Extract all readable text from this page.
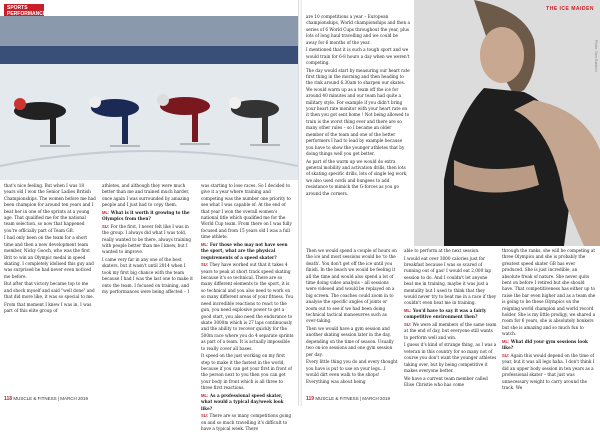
SPORTS
PERFORMANCE

that's nice feeling. But when I was 18 years old I won the Senior Ladies British Championships. The women before me had been champion for around ten years and I beat her in one of the sprints at a young age. That qualified me for the national team selection, so now that happened you're officially part of Team GB.

I had only been on the team for a short time and then a new development team member, Nicky Gooch, who was the first Brit to win an Olympic medal in speed skating. I completely idolised this guy and was surprised he had never even noticed me before.

But after that victory became top to me and shock myself and said "well done" and that did more like, it was so special to me.

From that moment I knew I was in, I was part of this elite group of

athletes, and although they were much better than me and trained much harder, once again I was surrounded by amazing people and I just had to copy them.

ML: What is it worth it growing to the Olympics from then?

SU: For the first, I never felt like I was in the group. I always did what I was told, really wanted to be there, always training with people better than me I knew, but I wanted to improve.

I came very far in any one of the best skaters, but it wasn't until 2014 when I took my first big chance with the team because I had I was the last one to make it onto the team. I focused on training, and my performances were being affected – I

was starting to lose races. So I decided to give it a year where training and competing was the number one priority to see what I was capable of. At the end of that year I won the overall women's national title which qualified me for the World Cup team. From there on I was fully focused and from 15 years old I was a full time athlete.

ML: For those who may not have seen the sport, what are the physical requirements of a speed skater?

SU: They have worked out that it takes 4 years to peak at short track speed skating because it's so technical. There are so many different elements to the sport, it is so technical and you also need to work on so many different areas of your fitness. You need incredible reactions to react to the gun, you need explosive power to get a good start, you also need the endurance to skate 3000m which is 27 laps continuously and the ability to recover quickly for the 500m race where you do 4 separate sprints as part of a team. It is actually impossible to really cover all bases.

It speed on the just working on my first step to make it the fastest in the world, because if you can get your first in front of the person next to you then you can get your body in front which is all three to three first reactions.

ML: As a professional speed skater, what would a typical day/week look like?

SU: There are so many competitions going on and so much travelling it's difficult to have a typical week. There

118 MUSCLE & FITNESS | MARCH 2019
Photo: Sam Baldwin
THE ICE MAIDEN

are 10 competitions a year – European championships, World championships and then a series of 6 World Cups throughout the year, plus lots of long haul travelling and we could be away for 6 months of the year.

I mentioned that it is such a tough sport and we would train for 6-8 hours a day when we weren't competing.

The day would start by measuring our heart rate first thing in the morning and then heading to the rink around 6.30am to sharpen our skates. We would warm up as a team off the ice for around 40 minutes and our team had quite a military style. For example if you didn't bring your heart rate monitor with your heart rate on it then you got sent home ! Not being allowed to train is the worst thing ever and there are so many other rules – so I became an older member of the team and one of the better performers I had to lead by example because you have to show the younger athletes that by doing things well you get better.

As part of the warm up we would do extra general mobility and activation drills, then lots of skating specific drills, lots of single leg work, we also used cords and bungees to add resistance to mimick the G-forces as you go around the corners.

Then we would spend a couple of hours on the ice and most sessions would be 'to the death'. You don't get off the ice until you finish. In the beach we would be feeling it all the time and would also spend a lot of time doing video analysis – all sessions were videoed and would be replayed on a big screen. The coaches could zoom in to analyse the specific angles of joints or zoom out to see if we had been doing technical tactical manoeuvres such as over-taking.

Then we would have a gym session and another skating session later in the day, depending on the time of season. Usually two on-ice sessions and one gym session per day.

Every little thing you do and every thought you have is put to use on your legs…I would dirt even walk to the shops! Everything was about being

able to perform at the next session.

I would eat over 3000 calories just for breakfast because I was so scared of running out of gas! I would eat 2,000 lap session to do. And I couldn't let anyone beat me in training, maybe it was just a mentality but I used to think that they would never try to beat me in a race if they couldn't even beat me in training.

ML: You'd have to say it was a fairly competitive environment then?

SU: We were all members of the same team at the end of day, but everyone still wants to perform well and win.

I guess it's kind of strange thing, as I was a veteran in this country for so many not of course you don't want the younger athletes taking over, but by being competitive it makes everyone better.

We have a current team member called Elise Christie who has come

through the ranks, she will be competing at three Olympics and she is probably the greatest speed skater GB has ever produced. She is just incredible, an absolute freak of nature. She never quits bent on before I retired but she should have. That competitiveness has either up to raise the bar even higher and as a team she is going to be these Olympics on the reigning world champion and world record holder. She is my little prodigy, we shared a room for 6 years, she is absolutely bonkers but she is amazing and so much fun to watch.

ML: What did your gym sessions look like?

SU: Again this would depend on the time of year, but it was all legs haha. I don't think I did an upper body session in ten years as a professional skater – that just was unnecessary weight to carry around the track. We

119 MUSCLE & FITNESS | MARCH 2019
